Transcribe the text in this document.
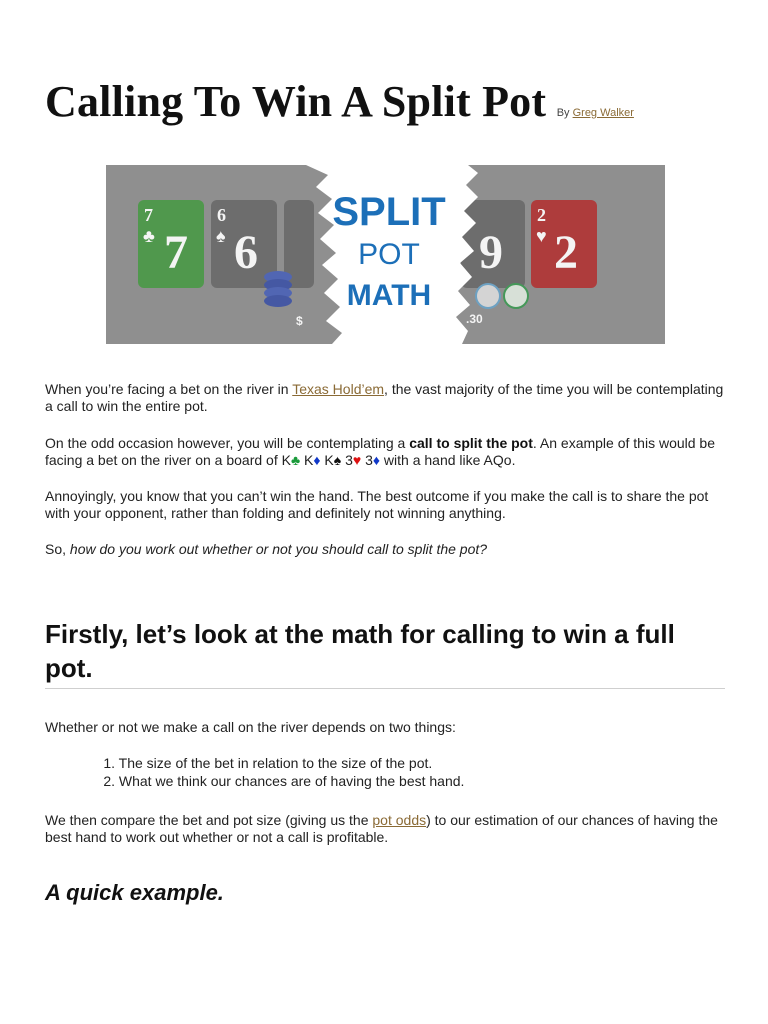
Calling To Win A Split Pot By Greg Walker
7
♣ 7
6
♠ 6
$
9
2
♥ 2
.30
SPLIT
POT
MATH

When you’re facing a bet on the river in Texas Hold’em, the vast majority of the time you will be contemplating a call to win the entire pot.

On the odd occasion however, you will be contemplating a call to split the pot. An example of this would be facing a bet on the river on a board of K♣ K♦ K♠ 3♥ 3♦ with a hand like AQo.

Annoyingly, you know that you can’t win the hand. The best outcome if you make the call is to share the pot with your opponent, rather than folding and definitely not winning anything.

So, how do you work out whether or not you should call to split the pot?

Firstly, let’s look at the math for calling to win a full pot.

Whether or not we make a call on the river depends on two things:

1. The size of the bet in relation to the size of the pot.
2. What we think our chances are of having the best hand.

We then compare the bet and pot size (giving us the pot odds) to our estimation of our chances of having the best hand to work out whether or not a call is profitable.

A quick example.
